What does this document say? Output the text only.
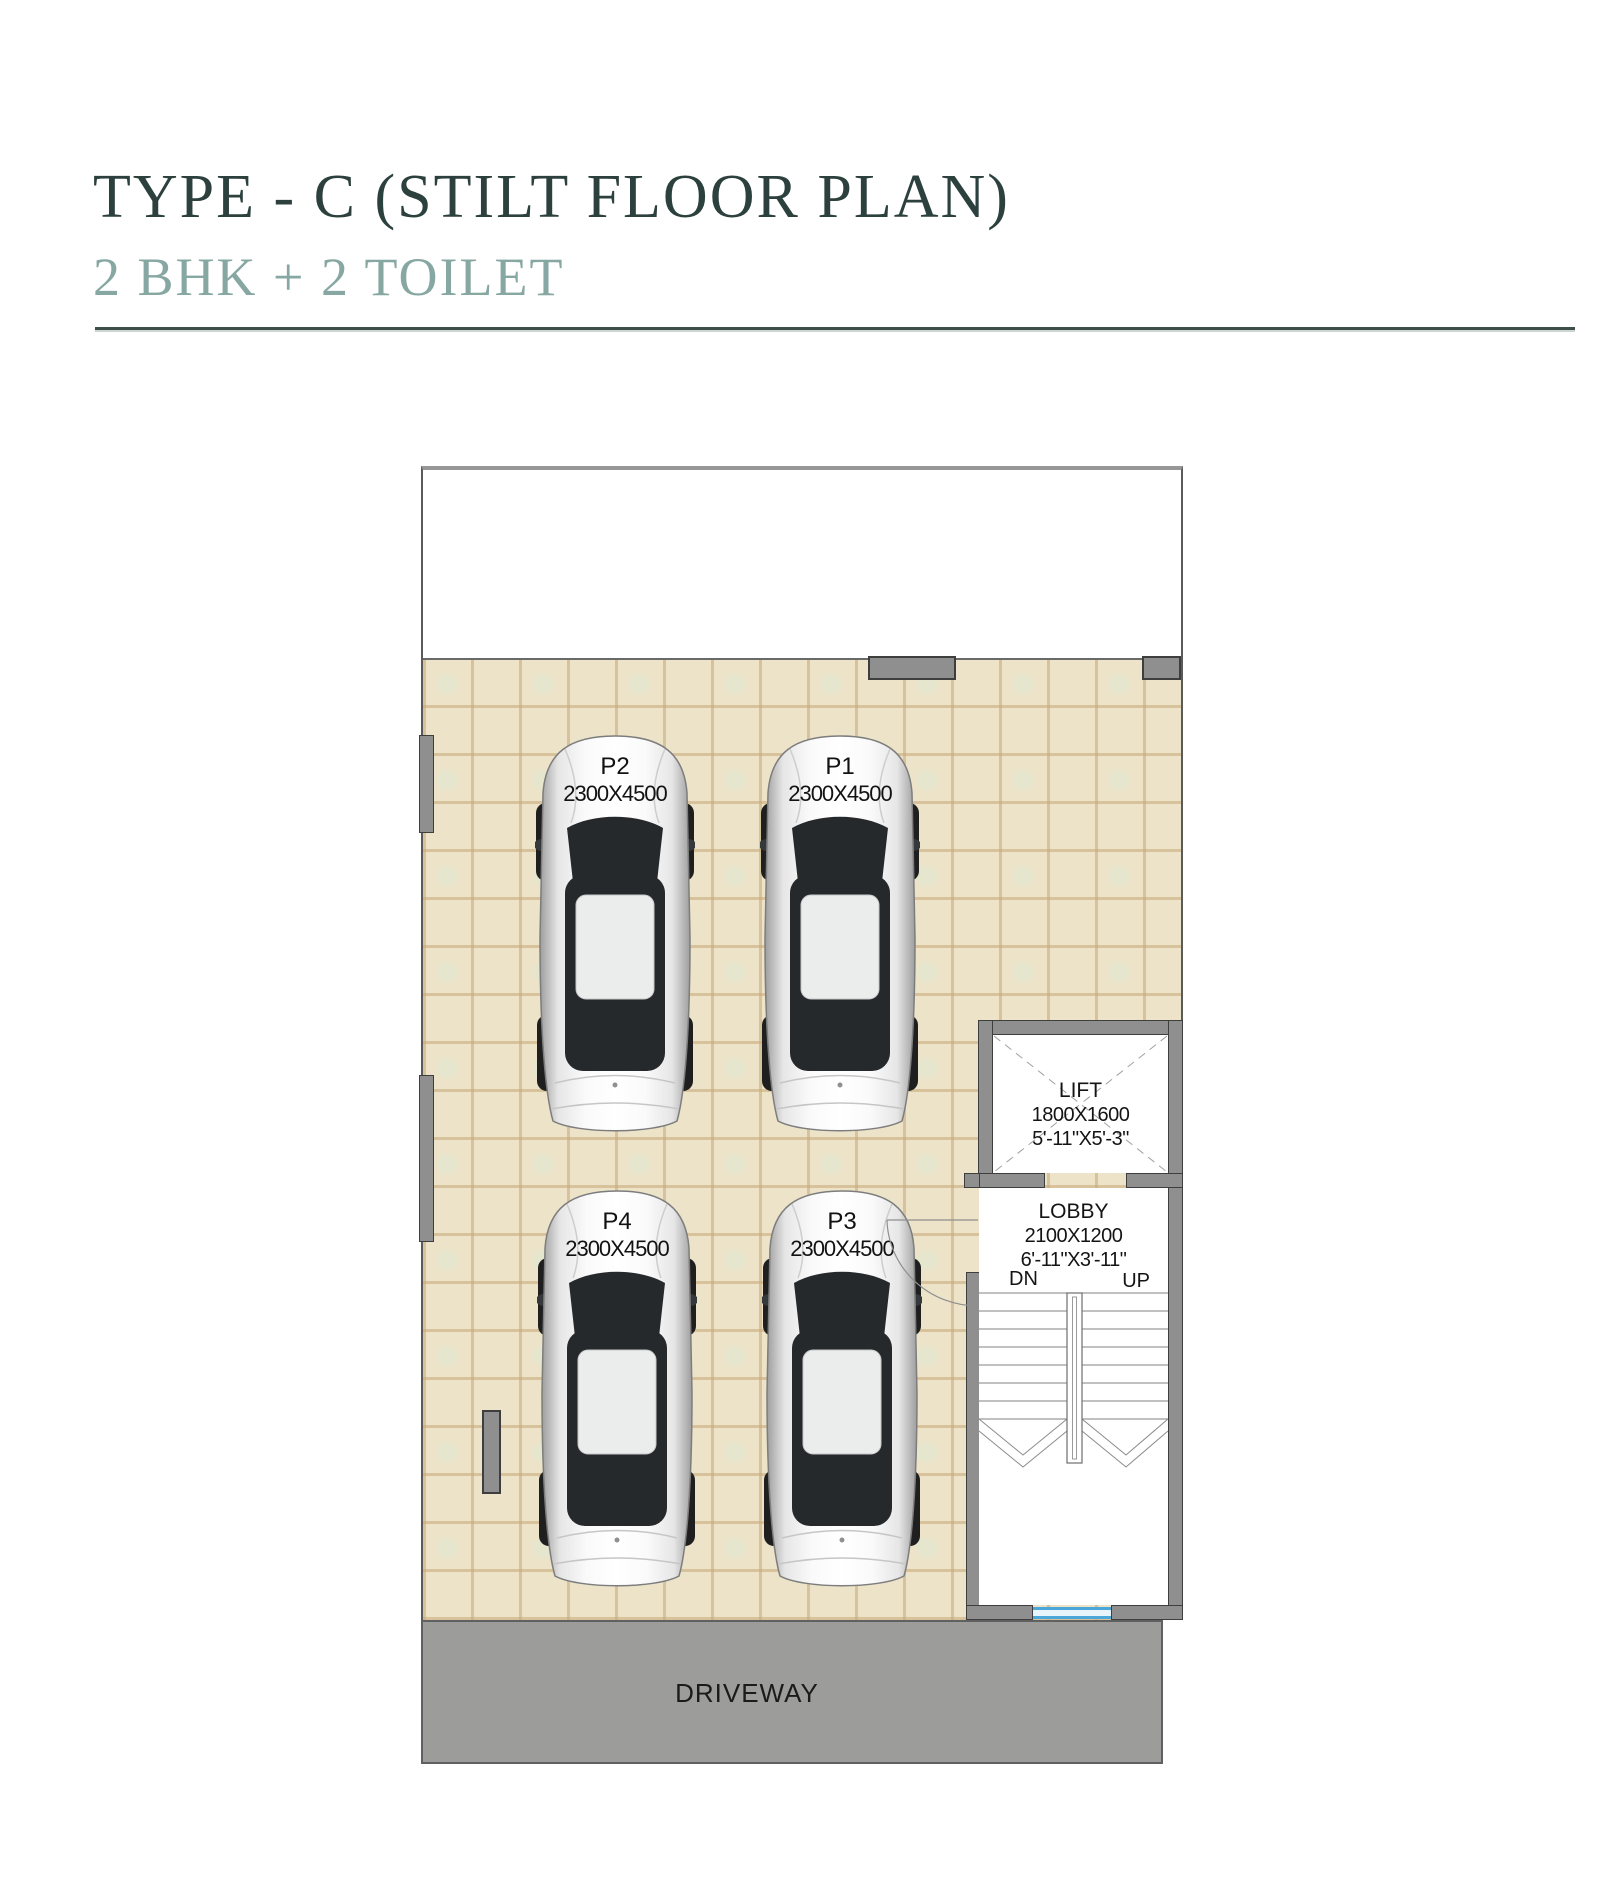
TYPE - C (STILT FLOOR PLAN)
2 BHK + 2 TOILET
P2
2300X4500
P1
2300X4500
P4
2300X4500
P3
2300X4500
LIFT
1800X1600
5'-11"X5'-3"
LOBBY
2100X1200
6'-11"X3'-11"
DN	UP
DRIVEWAY
